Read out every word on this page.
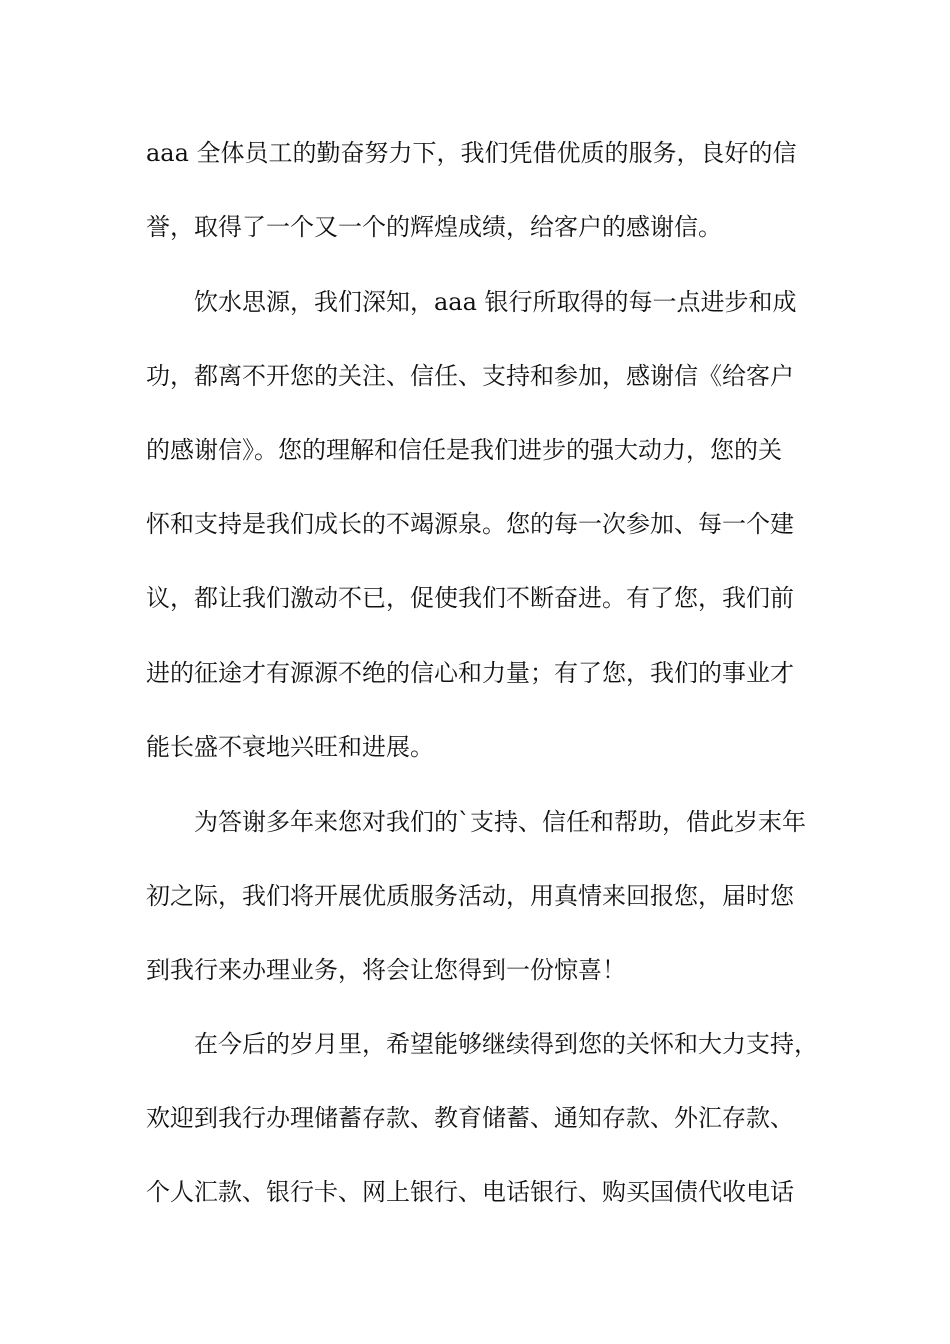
aaa 全体员工的勤奋努力下，我们凭借优质的服务，良好的信
誉，取得了一个又一个的辉煌成绩，给客户的感谢信。
饮水思源，我们深知，aaa 银行所取得的每一点进步和成
功，都离不开您的关注、信任、支持和参加，感谢信《给客户
的感谢信》。您的理解和信任是我们进步的强大动力，您的关
怀和支持是我们成长的不竭源泉。您的每一次参加、每一个建
议，都让我们激动不已，促使我们不断奋进。有了您，我们前
进的征途才有源源不绝的信心和力量；有了您，我们的事业才
能长盛不衰地兴旺和进展。
为答谢多年来您对我们的`支持、信任和帮助，借此岁末年
初之际，我们将开展优质服务活动，用真情来回报您，届时您
到我行来办理业务，将会让您得到一份惊喜！
在今后的岁月里，希望能够继续得到您的关怀和大力支持，
欢迎到我行办理储蓄存款、教育储蓄、通知存款、外汇存款、
个人汇款、银行卡、网上银行、电话银行、购买国债代收电话
